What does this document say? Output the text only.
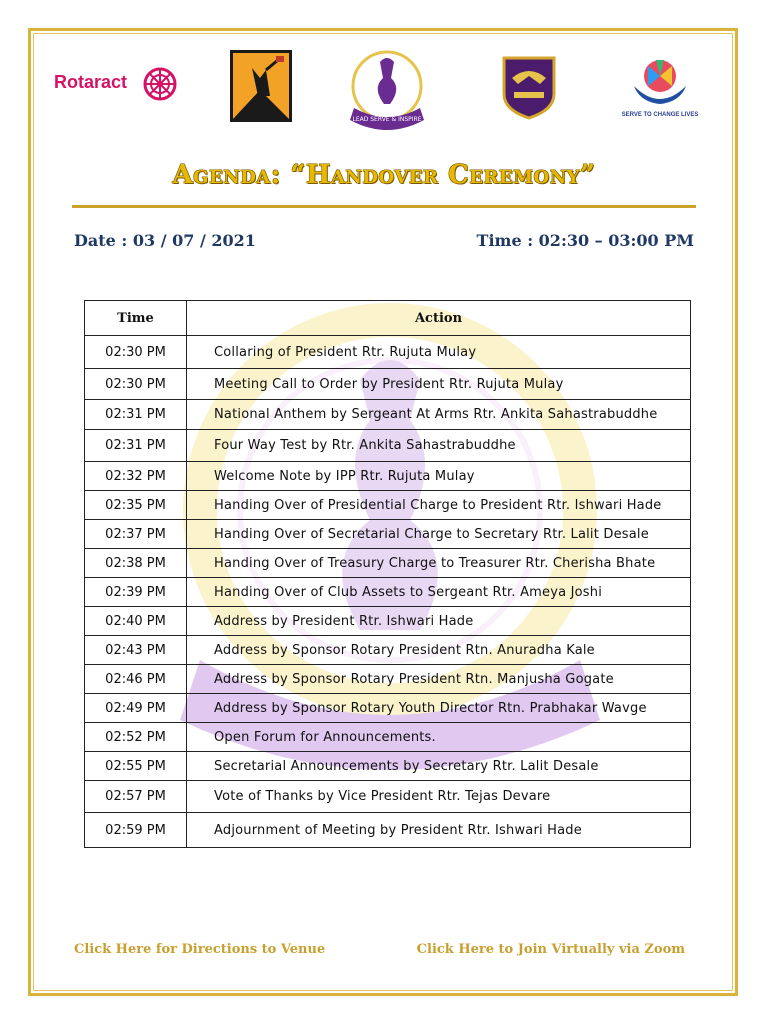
Rotaract
LEAD SERVE & INSPIRE
SERVE TO CHANGE LIVES
Agenda: “Handover Ceremony”
Date : 03 / 07 / 2021	Time : 02:30 – 03:00 PM
Time	Action
02:30 PM	Collaring of President Rtr. Rujuta Mulay
02:30 PM	Meeting Call to Order by President Rtr. Rujuta Mulay
02:31 PM	National Anthem by Sergeant At Arms Rtr. Ankita Sahastrabuddhe
02:31 PM	Four Way Test by Rtr. Ankita Sahastrabuddhe
02:32 PM	Welcome Note by IPP Rtr. Rujuta Mulay
02:35 PM	Handing Over of Presidential Charge to President Rtr. Ishwari Hade
02:37 PM	Handing Over of Secretarial Charge to Secretary Rtr. Lalit Desale
02:38 PM	Handing Over of Treasury Charge to Treasurer Rtr. Cherisha Bhate
02:39 PM	Handing Over of Club Assets to Sergeant Rtr. Ameya Joshi
02:40 PM	Address by President Rtr. Ishwari Hade
02:43 PM	Address by Sponsor Rotary President Rtn. Anuradha Kale
02:46 PM	Address by Sponsor Rotary President Rtn. Manjusha Gogate
02:49 PM	Address by Sponsor Rotary Youth Director Rtn. Prabhakar Wavge
02:52 PM	Open Forum for Announcements.
02:55 PM	Secretarial Announcements by Secretary Rtr. Lalit Desale
02:57 PM	Vote of Thanks by Vice President Rtr. Tejas Devare
02:59 PM	Adjournment of Meeting by President Rtr. Ishwari Hade
Click Here for Directions to Venue	Click Here to Join Virtually via Zoom
